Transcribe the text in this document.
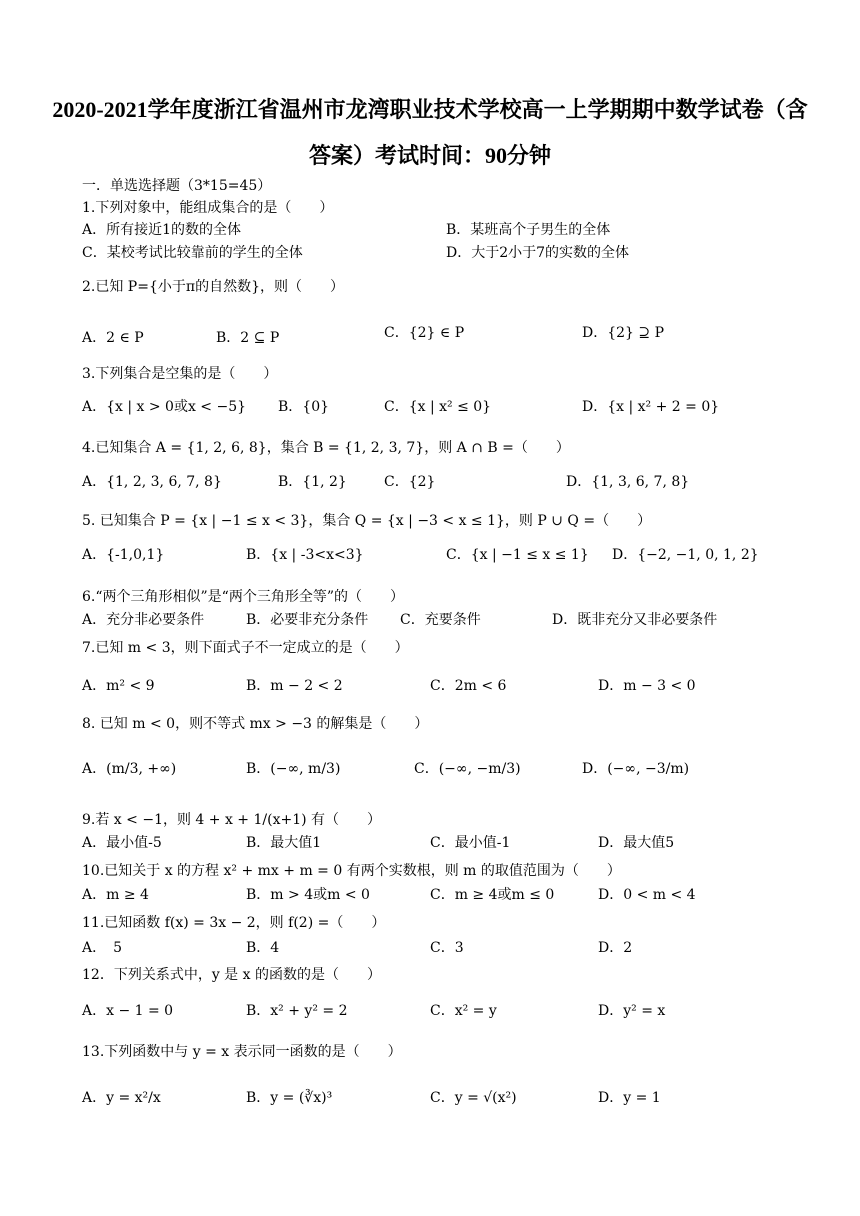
2020-2021学年度浙江省温州市龙湾职业技术学校高一上学期期中数学试卷（含
答案）考试时间：90分钟
一．单选选择题（3*15=45）
1.下列对象中，能组成集合的是（　　）
A．所有接近1的数的全体	B．某班高个子男生的全体
C．某校考试比较靠前的学生的全体	D．大于2小于7的实数的全体
2.已知 P={小于π的自然数}，则（　　）
A．2 ∈ P	B．2 ⊆ P	C．{2} ∈ P	D．{2} ⊇ P
3.下列集合是空集的是（　　）
A．{x | x > 0或x < −5} B．{0}	C．{x | x² ≤ 0}	D．{x | x² + 2 = 0}
4.已知集合 A = {1, 2, 6, 8}，集合 B = {1, 2, 3, 7}，则 A ∩ B =（　　）
A．{1, 2, 3, 6, 7, 8}	B．{1, 2}	C．{2}	D．{1, 3, 6, 7, 8}
5. 已知集合 P = {x | −1 ≤ x < 3}，集合 Q = {x | −3 < x ≤ 1}，则 P ∪ Q =（　　）
A．{-1,0,1}	B．{x | -3<x<3}	C．{x | −1 ≤ x ≤ 1} D．{−2, −1, 0, 1, 2}
6.“两个三角形相似”是“两个三角形全等”的（　　）
A．充分非必要条件	B．必要非充分条件 C．充要条件	D．既非充分又非必要条件
7.已知 m < 3，则下面式子不一定成立的是（　　）
A．m² < 9	B．m − 2 < 2	C．2m < 6	D．m − 3 < 0
8. 已知 m < 0，则不等式 mx > −3 的解集是（　　）
A．(m/3, +∞)	B．(−∞, m/3)	C．(−∞, −m/3)	D．(−∞, −3/m)
9.若 x < −1，则 4 + x + 1/(x+1) 有（　　）
A．最小值-5	B．最大值1	C．最小值-1	D．最大值5
10.已知关于 x 的方程 x² + mx + m = 0 有两个实数根，则 m 的取值范围为（　　）
A．m ≥ 4	B．m > 4或m < 0	C．m ≥ 4或m ≤ 0	D．0 < m < 4
11.已知函数 f(x) = 3x − 2，则 f(2) =（　　）
A．　5	B．4	C．3	D．2
12．下列关系式中，y 是 x 的函数的是（　　）
A．x − 1 = 0	B．x² + y² = 2	C．x² = y	D．y² = x
13.下列函数中与 y = x 表示同一函数的是（　　）
A．y = x²/x	B．y = (∛x)³	C．y = √(x²)	D．y = 1
